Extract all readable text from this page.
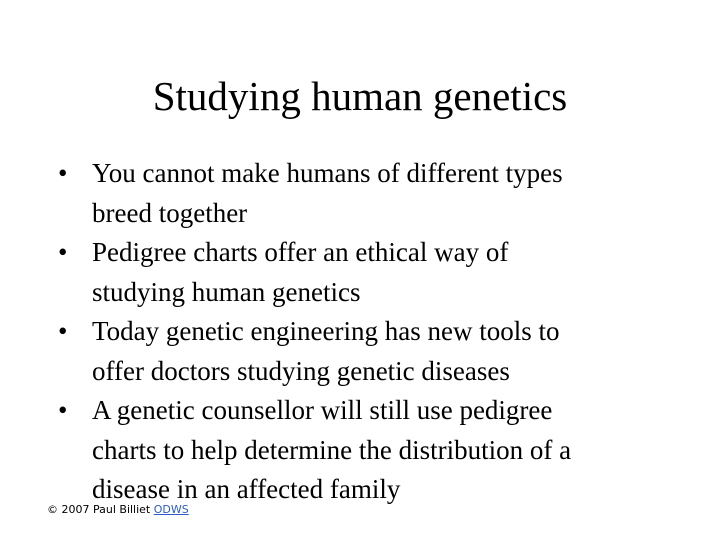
Studying human genetics
• You cannot make humans of different types
breed together
• Pedigree charts offer an ethical way of
studying human genetics
• Today genetic engineering has new tools to
offer doctors studying genetic diseases
• A genetic counsellor will still use pedigree
charts to help determine the distribution of a
disease in an affected family
© 2007 Paul Billiet ODWS
